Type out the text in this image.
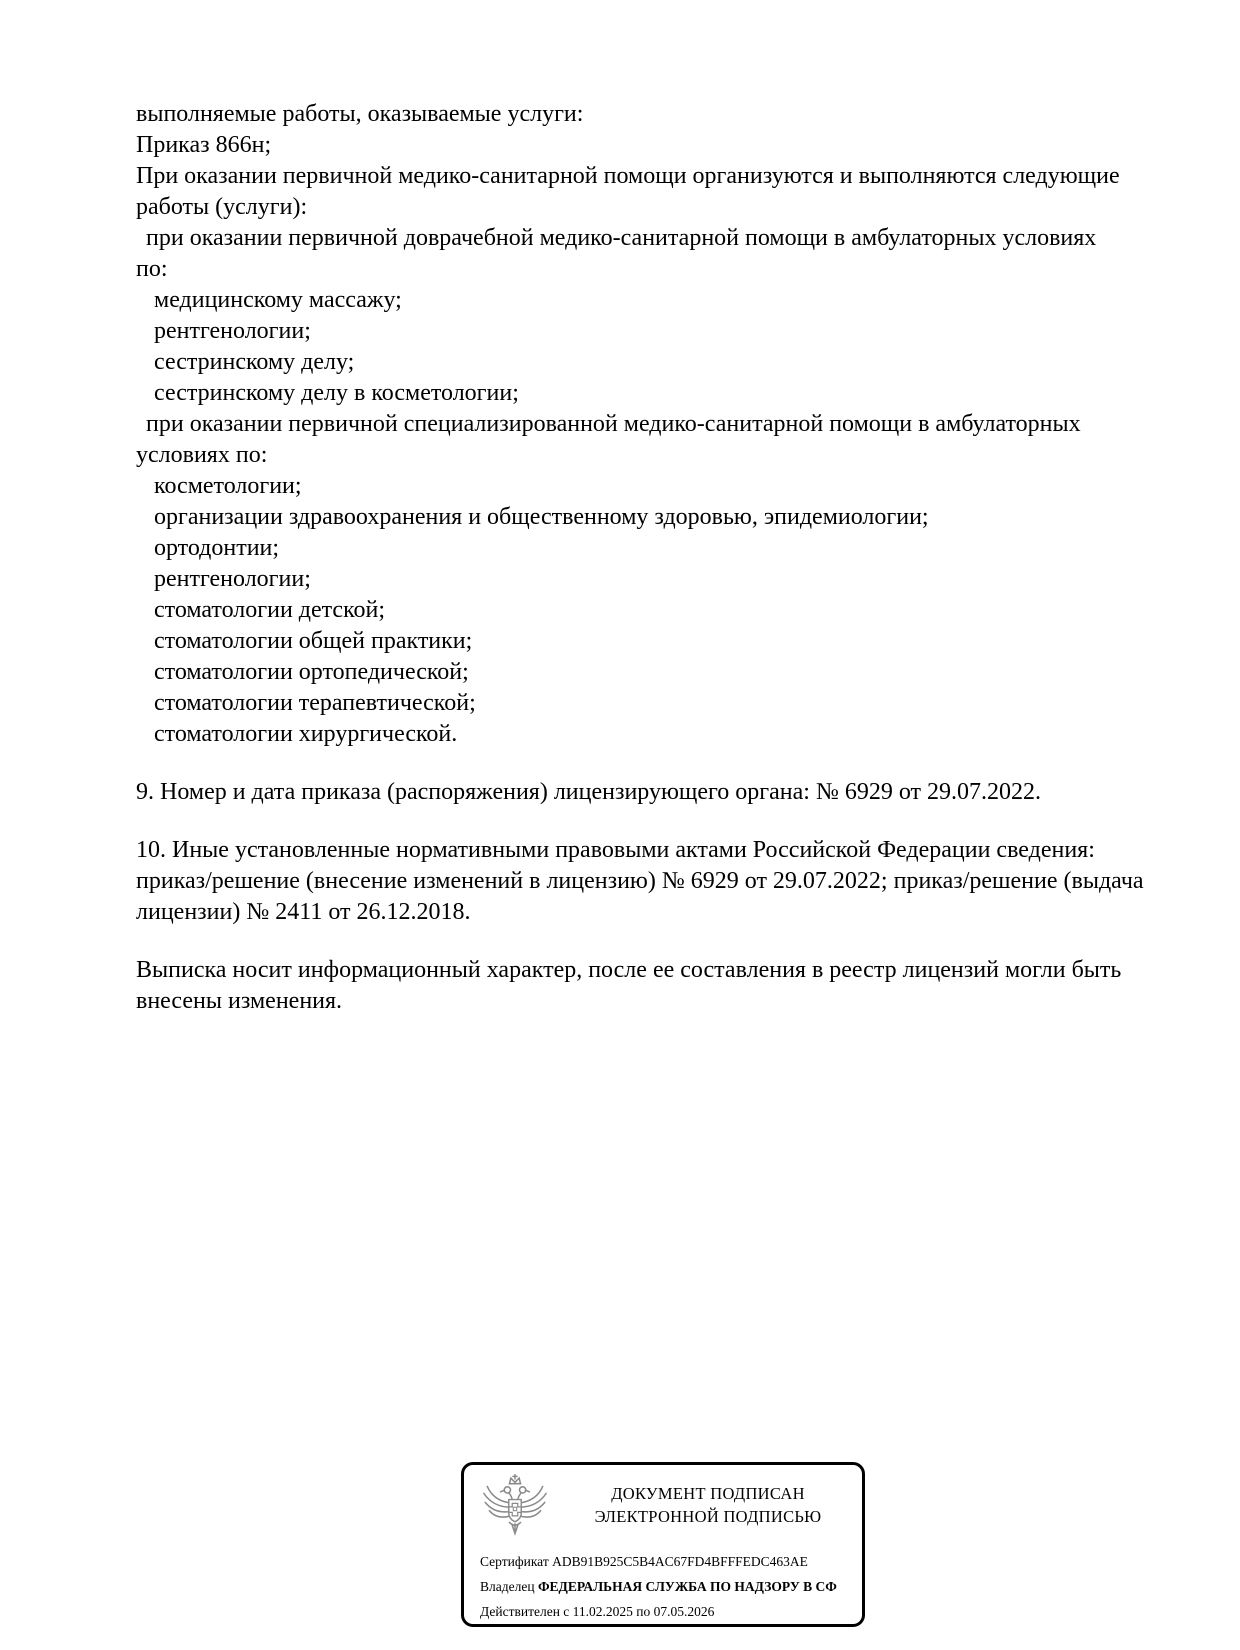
выполняемые работы, оказываемые услуги:
Приказ 866н;
При оказании первичной медико-санитарной помощи организуются и выполняются следующие
работы (услуги):
при оказании первичной доврачебной медико-санитарной помощи в амбулаторных условиях
по:
медицинскому массажу;
рентгенологии;
сестринскому делу;
сестринскому делу в косметологии;
при оказании первичной специализированной медико-санитарной помощи в амбулаторных
условиях по:
косметологии;
организации здравоохранения и общественному здоровью, эпидемиологии;
ортодонтии;
рентгенологии;
стоматологии детской;
стоматологии общей практики;
стоматологии ортопедической;
стоматологии терапевтической;
стоматологии хирургической.
9. Номер и дата приказа (распоряжения) лицензирующего органа: № 6929 от 29.07.2022.
10. Иные установленные нормативными правовыми актами Российской Федерации сведения:
приказ/решение (внесение изменений в лицензию) № 6929 от 29.07.2022; приказ/решение (выдача
лицензии) № 2411 от 26.12.2018.
Выписка носит информационный характер, после ее составления в реестр лицензий могли быть
внесены изменения.
ДОКУМЕНТ ПОДПИСАН
ЭЛЕКТРОННОЙ ПОДПИСЬЮ
Сертификат ADB91B925C5B4AC67FD4BFFFEDC463AE
Владелец ФЕДЕРАЛЬНАЯ СЛУЖБА ПО НАДЗОРУ В СФ
Действителен с 11.02.2025 по 07.05.2026
